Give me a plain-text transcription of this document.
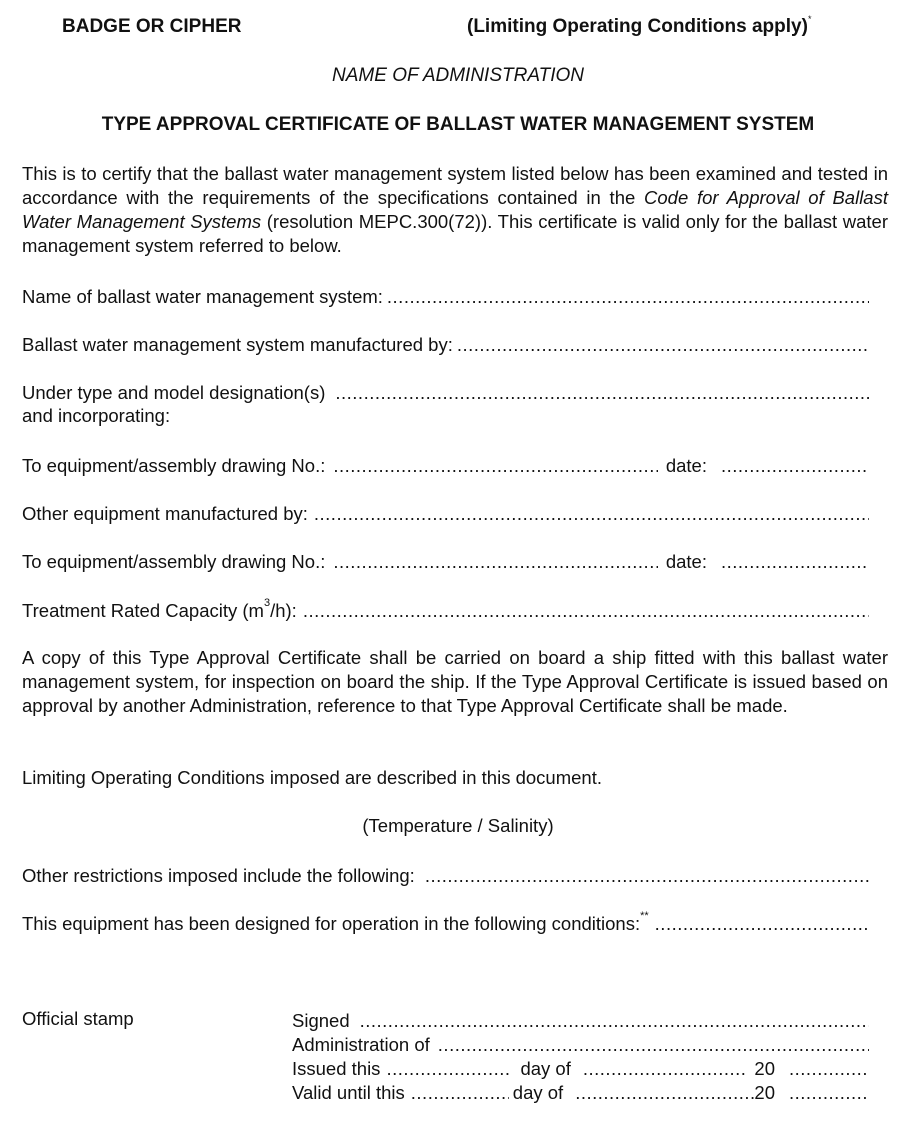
BADGE OR CIPHER	(Limiting Operating Conditions apply)*
NAME OF ADMINISTRATION
TYPE APPROVAL CERTIFICATE OF BALLAST WATER MANAGEMENT SYSTEM
This is to certify that the ballast water management system listed below has been examined and tested in accordance with the requirements of the specifications contained in the Code for Approval of Ballast Water Management Systems (resolution MEPC.300(72)). This certificate is valid only for the ballast water management system referred to below.
Name of ballast water management system:
.....
Ballast water management system manufactured by:
.....
Under type and model designation(s)
.....
and incorporating:
To equipment/assembly drawing No.: .....	date:
.....
Other equipment manufactured by:
.....
To equipment/assembly drawing No.: .....	date:
.....
Treatment Rated Capacity $(m^3/h)$:
.....
A copy of this Type Approval Certificate shall be carried on board a ship fitted with this ballast water management system, for inspection on board the ship. If the Type Approval Certificate is issued based on approval by another Administration, reference to that Type Approval Certificate shall be made.
Limiting Operating Conditions imposed are described in this document.
(Temperature / Salinity)
Other restrictions imposed include the following:
.....
This equipment has been designed for operation in the following conditions:**
.....
Official stamp	Signed
.....
Administration of
.....
Issued this .....	day of .....	20
.....
Valid until this .....	day of .....	20
.....
